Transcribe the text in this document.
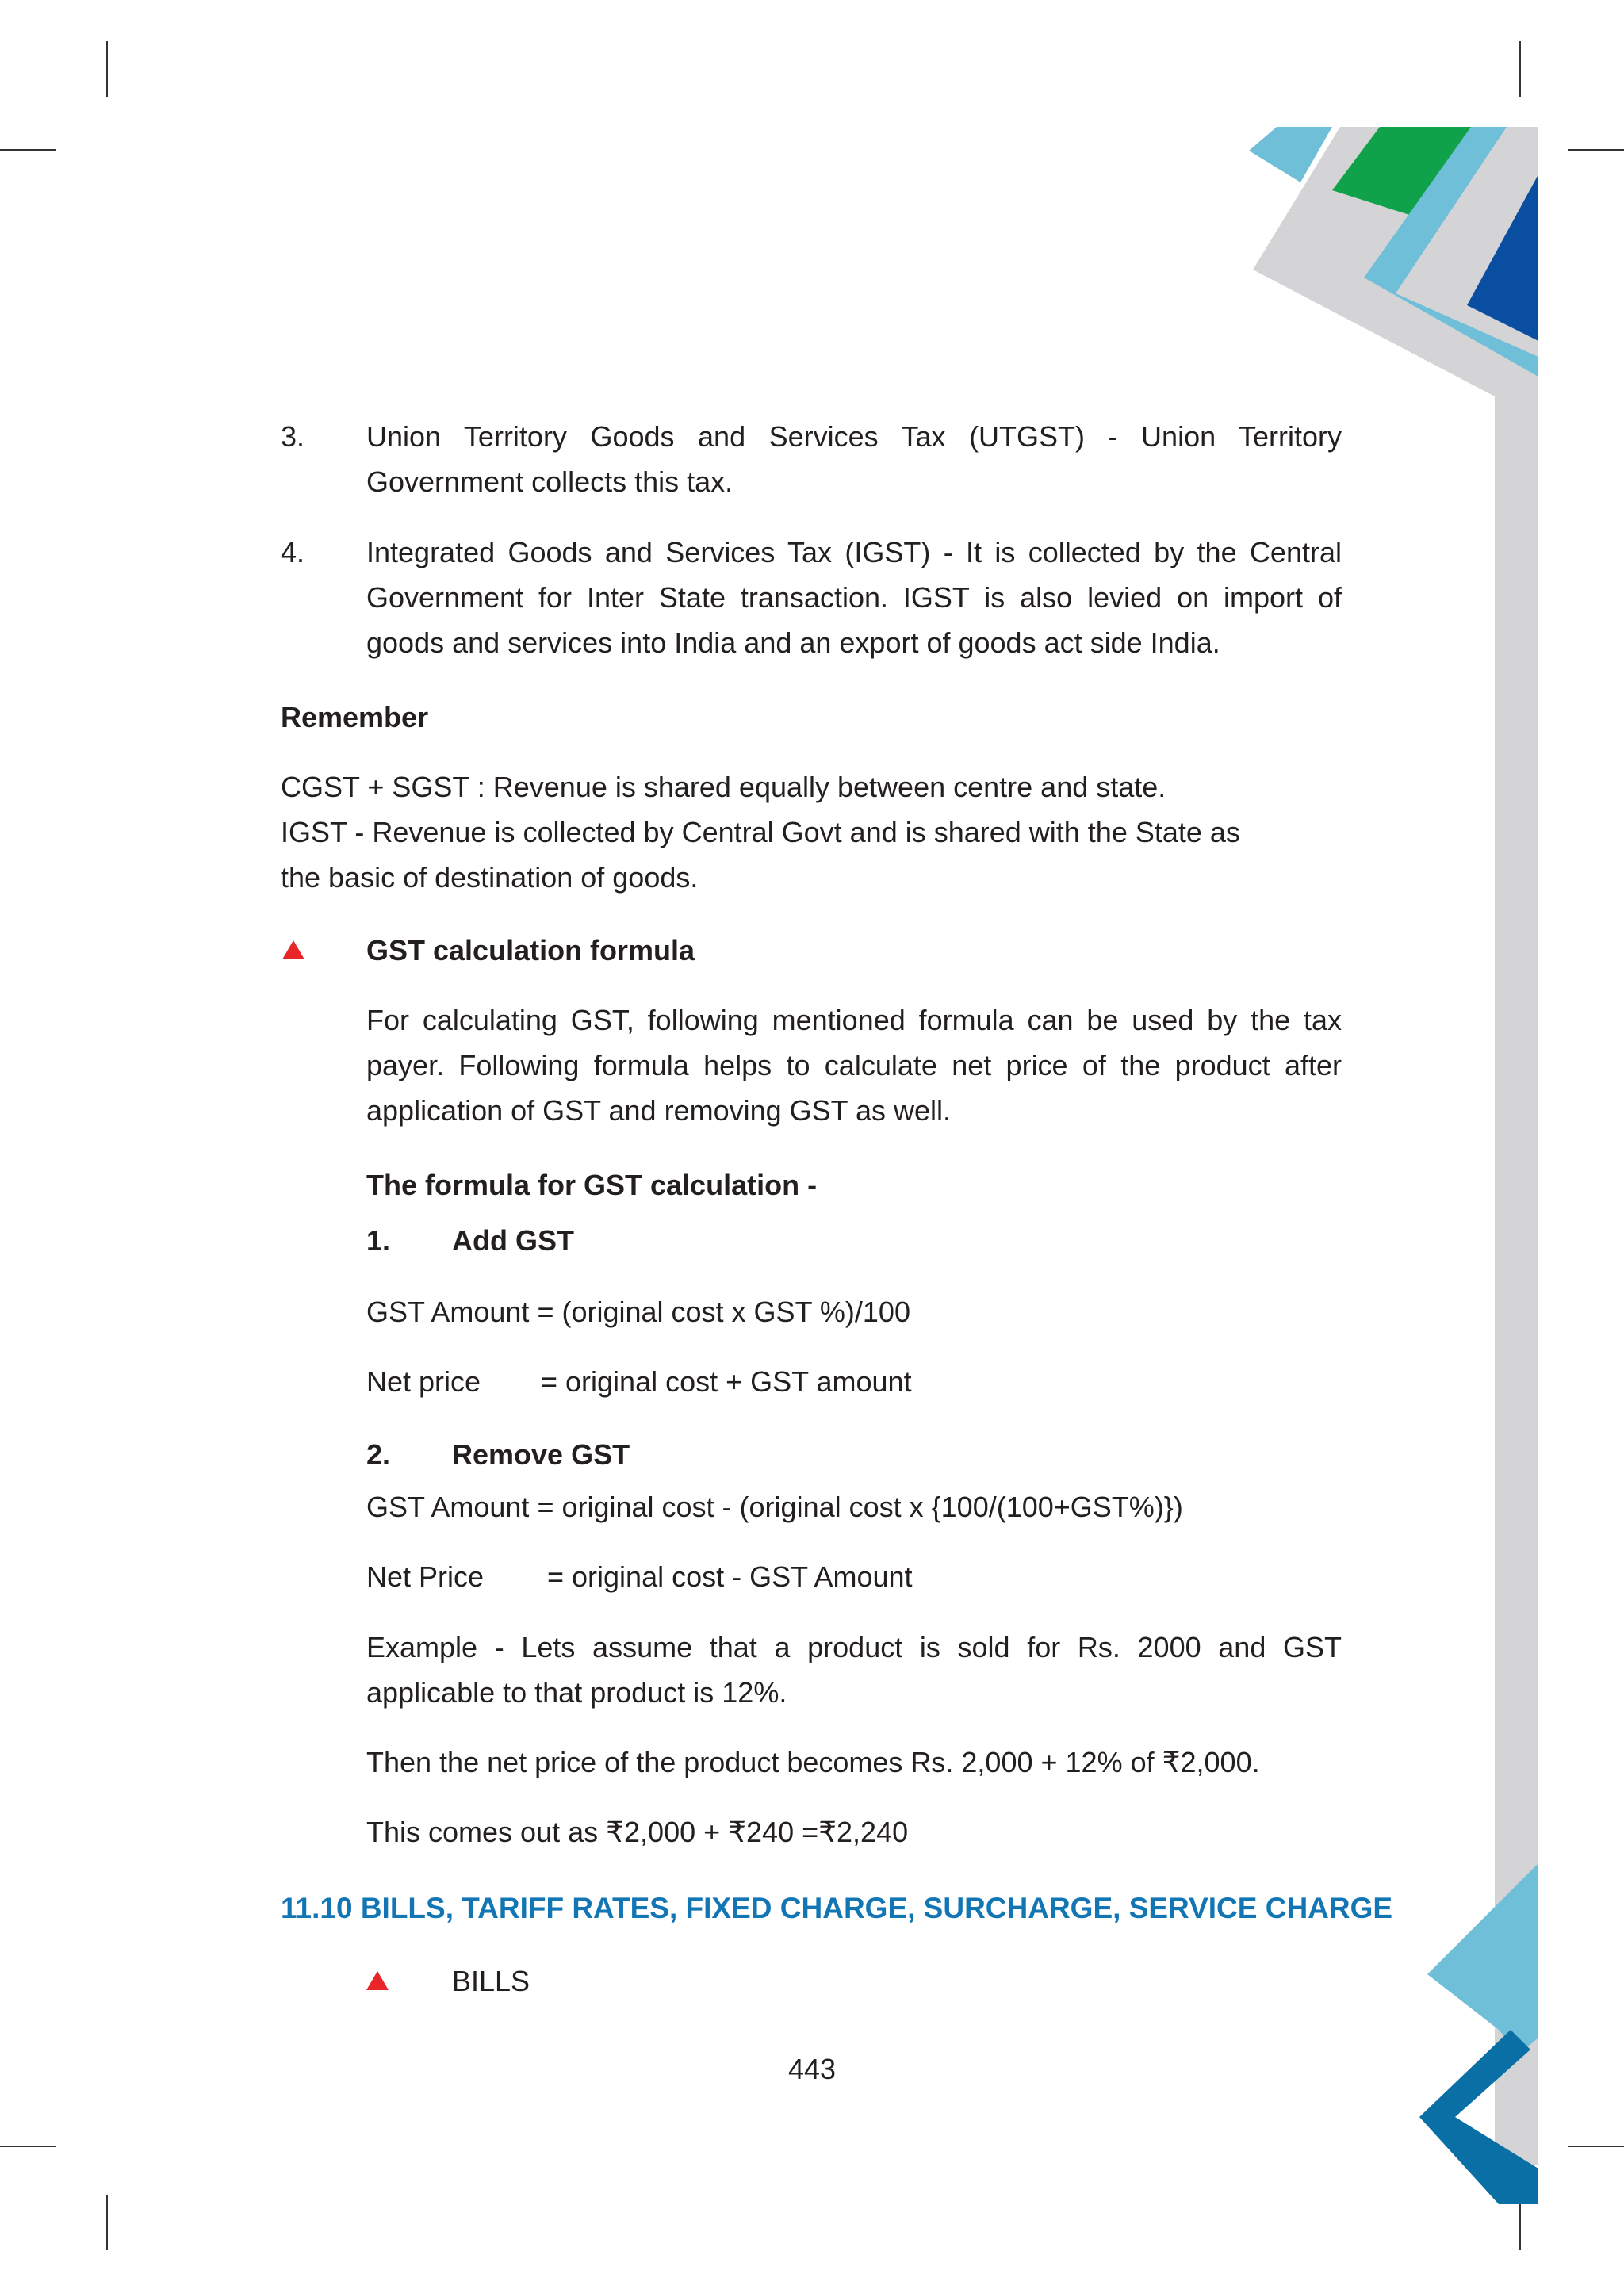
3. Union Territory Goods and Services Tax (UTGST) - Union Territory

Government collects this tax.

4. Integrated Goods and Services Tax (IGST) - It is collected by the Central

Government for Inter State transaction. IGST is also levied on import of

goods and services into India and an export of goods act side India.

Remember

CGST + SGST : Revenue is shared equally between centre and state.

IGST - Revenue is collected by Central Govt and is shared with the State as

the basic of destination of goods.

GST calculation formula

For calculating GST, following mentioned formula can be used by the tax

payer. Following formula helps to calculate net price of the product after

application of GST and removing GST as well.

The formula for GST calculation -

1. Add GST

GST Amount = (original cost x GST %)/100

Net price = original cost + GST amount

2. Remove GST

GST Amount = original cost - (original cost x {100/(100+GST%)})

Net Price = original cost - GST Amount

Example - Lets assume that a product is sold for Rs. 2000 and GST

applicable to that product is 12%.

Then the net price of the product becomes Rs. 2,000 + 12% of ₹2,000.

This comes out as ₹2,000 + ₹240 =₹2,240

11.10 BILLS, TARIFF RATES, FIXED CHARGE, SURCHARGE, SERVICE CHARGE

BILLS

443
